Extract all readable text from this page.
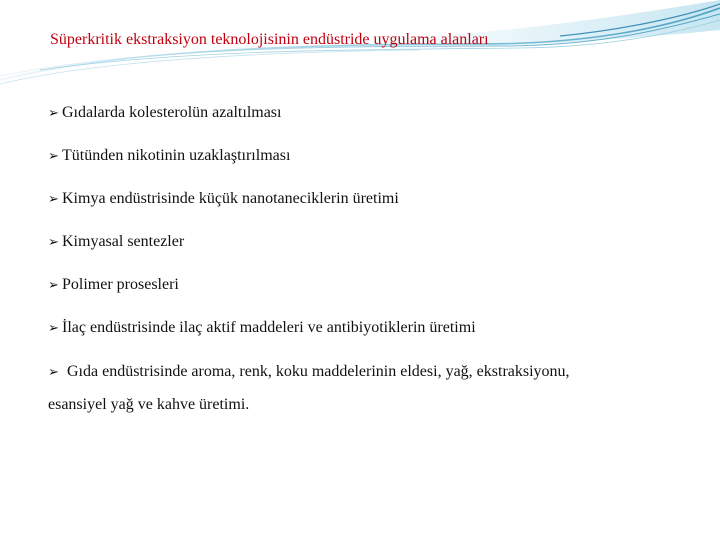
Süperkritik ekstraksiyon teknolojisinin endüstride uygulama alanları
➢ Gıdalarda kolesterolün azaltılması
➢ Tütünden nikotinin uzaklaştırılması
➢ Kimya endüstrisinde küçük nanotaneciklerin üretimi
➢ Kimyasal sentezler
➢ Polimer prosesleri
➢ İlaç endüstrisinde ilaç aktif maddeleri ve antibiyotiklerin üretimi
➢ Gıda endüstrisinde aroma, renk, koku maddelerinin eldesi, yağ, ekstraksiyonu,
esansiyel yağ ve kahve üretimi.
